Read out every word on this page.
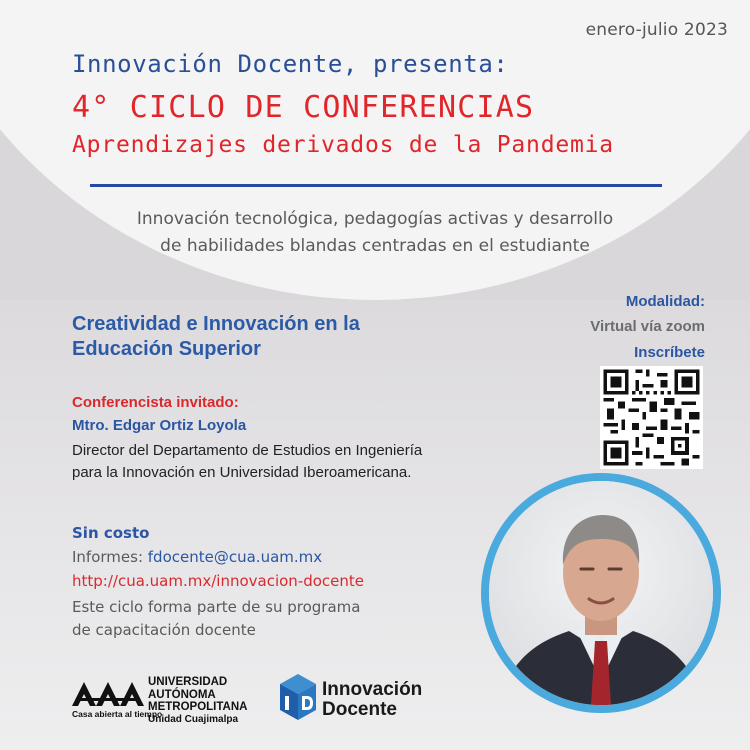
enero-julio 2023
Innovación Docente, presenta:
4° CICLO DE CONFERENCIAS
Aprendizajes derivados de la Pandemia
Innovación tecnológica, pedagogías activas y desarrollo
de habilidades blandas centradas en el estudiante
Modalidad:
Virtual vía zoom
Inscríbete
Creatividad e Innovación en la
Educación Superior
Conferencista invitado:
Mtro. Edgar Ortiz Loyola
Director del Departamento de Estudios en Ingeniería
para la Innovación en Universidad Iberoamericana.
Sin costo
Informes: fdocente@cua.uam.mx
http://cua.uam.mx/innovacion-docente
Este ciclo forma parte de su programa
de capacitación docente
Casa abierta al tiempo
UNIVERSIDAD
AUTÓNOMA
METROPOLITANA
Unidad Cuajimalpa
Innovación
Docente
